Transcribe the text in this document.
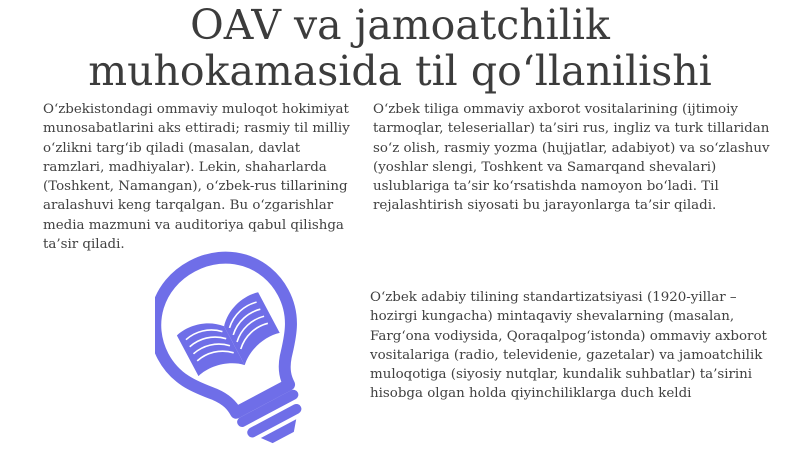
OAV va jamoatchilik
muhokamasida til qo‘llanilishi

O‘zbekistondagi ommaviy muloqot hokimiyat munosabatlarini aks ettiradi; rasmiy til milliy o‘zlikni targ‘ib qiladi (masalan, davlat ramzlari, madhiyalar). Lekin, shaharlarda (Toshkent, Namangan), o‘zbek-rus tillarining aralashuvi keng tarqalgan. Bu o‘zgarishlar media mazmuni va auditoriya qabul qilishga ta’sir qiladi.

O‘zbek tiliga ommaviy axborot vositalarining (ijtimoiy tarmoqlar, teleseriallar) ta’siri rus, ingliz va turk tillaridan so‘z olish, rasmiy yozma (hujjatlar, adabiyot) va so‘zlashuv (yoshlar slengi, Toshkent va Samarqand shevalari) uslublariga ta’sir ko‘rsatishda namoyon bo‘ladi. Til rejalashtirish siyosati bu jarayonlarga ta’sir qiladi.

O‘zbek adabiy tilining standartizatsiyasi (1920-yillar – hozirgi kungacha) mintaqaviy shevalarning (masalan, Farg‘ona vodiysida, Qoraqalpog‘istonda) ommaviy axborot vositalariga (radio, televidenie, gazetalar) va jamoatchilik muloqotiga (siyosiy nutqlar, kundalik suhbatlar) ta’sirini hisobga olgan holda qiyinchiliklarga duch keldi
